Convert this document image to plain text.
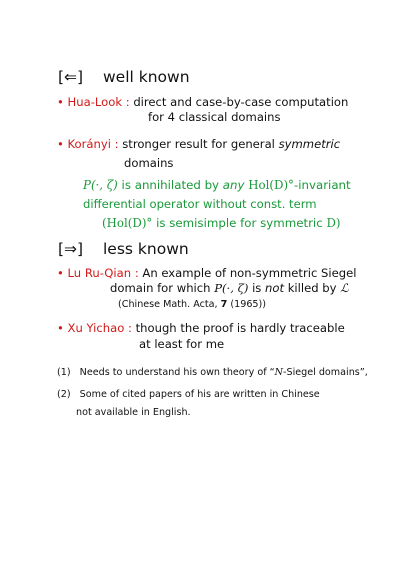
[⇐] well known
• Hua-Look : direct and case-by-case computation
for 4 classical domains
• Korányi : stronger result for general symmetric
domains
P(·, ζ) is annihilated by any Hol(D)°-invariant
differential operator without const. term
(Hol(D)° is semisimple for symmetric D)
[⇒] less known
• Lu Ru-Qian : An example of non-symmetric Siegel
domain for which P(·, ζ) is not killed by ℒ
(Chinese Math. Acta, 7 (1965))
• Xu Yichao : though the proof is hardly traceable
at least for me
(1) Needs to understand his own theory of “N-Siegel domains”,
(2) Some of cited papers of his are written in Chinese
not available in English.
